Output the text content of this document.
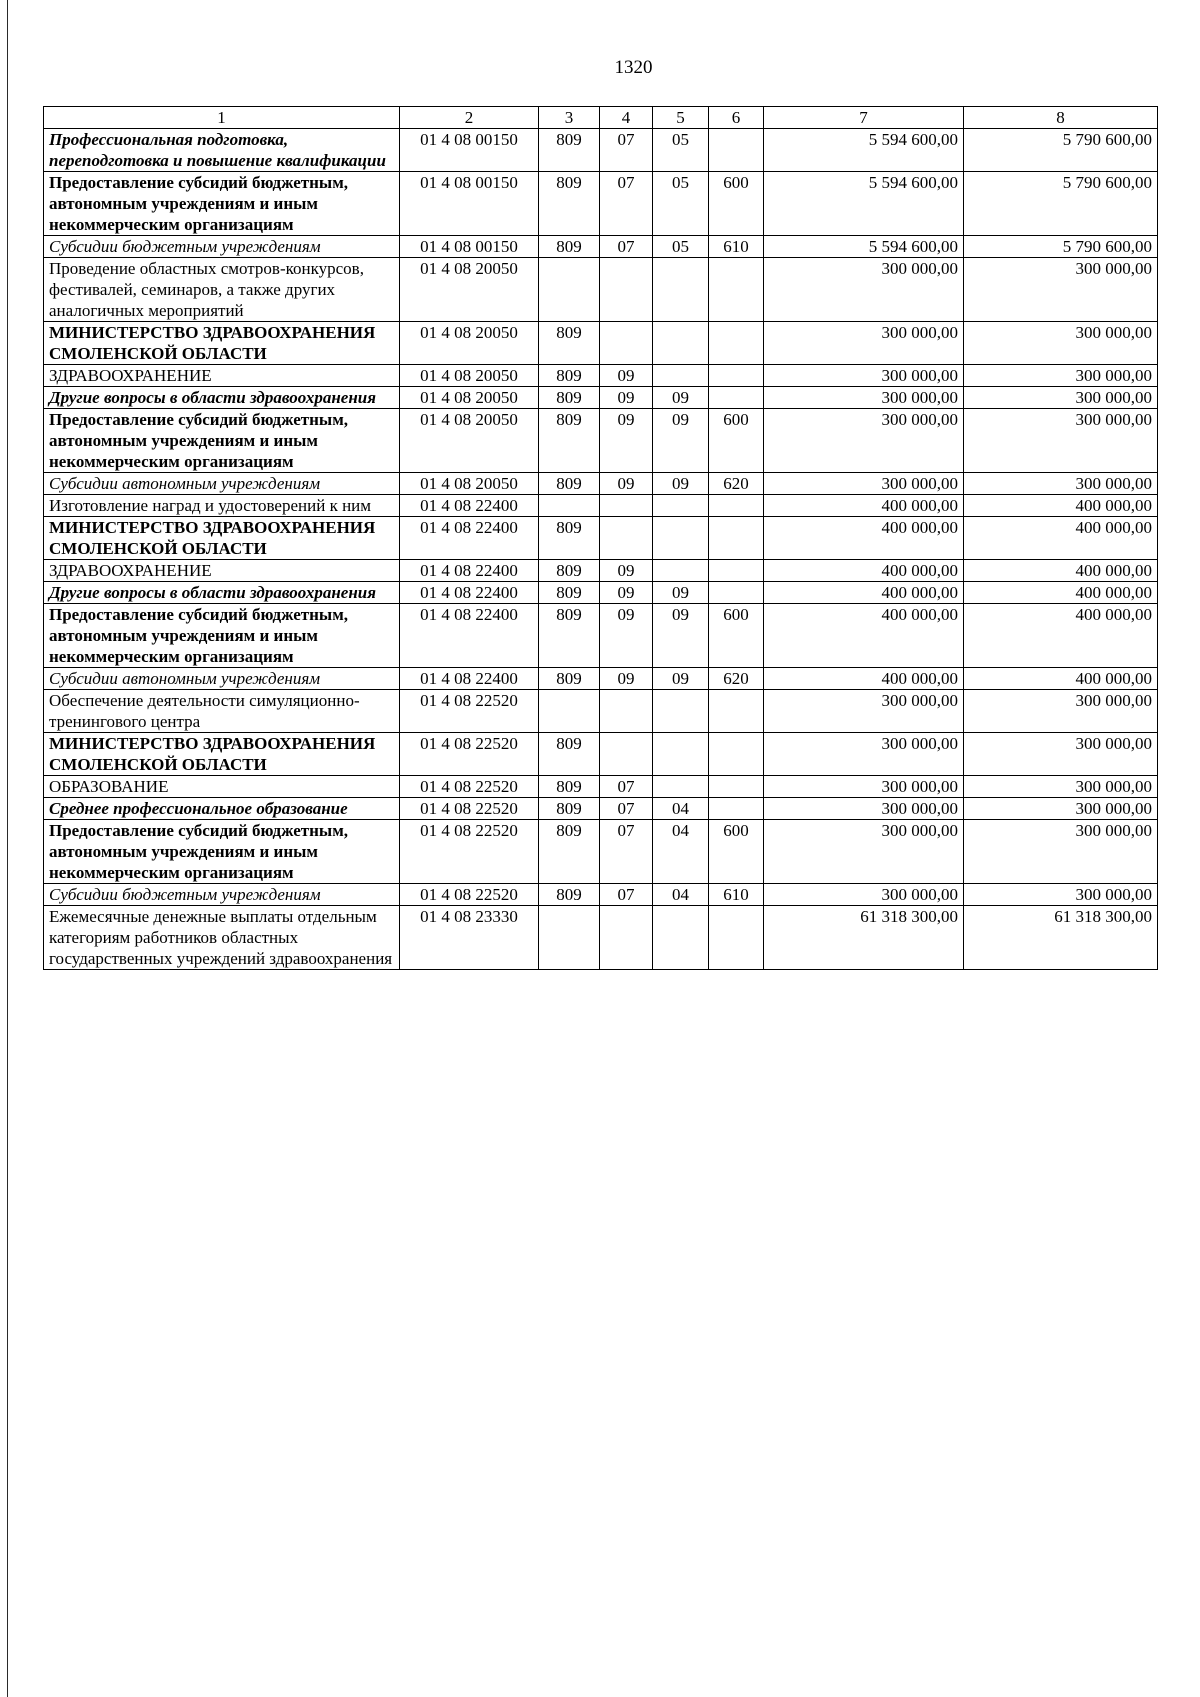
1320
1	2	3	4	5	6	7	8
Профессиональная подготовка, переподготовка и повышение квалификации	01 4 08 00150	809	07	05		5 594 600,00	5 790 600,00
Предоставление субсидий бюджетным, автономным учреждениям и иным некоммерческим организациям	01 4 08 00150	809	07	05	600	5 594 600,00	5 790 600,00
Субсидии бюджетным учреждениям	01 4 08 00150	809	07	05	610	5 594 600,00	5 790 600,00
Проведение областных смотров-конкурсов, фестивалей, семинаров, а также других аналогичных мероприятий	01 4 08 20050					300 000,00	300 000,00
МИНИСТЕРСТВО ЗДРАВООХРАНЕНИЯ СМОЛЕНСКОЙ ОБЛАСТИ	01 4 08 20050	809				300 000,00	300 000,00
ЗДРАВООХРАНЕНИЕ	01 4 08 20050	809	09			300 000,00	300 000,00
Другие вопросы в области здравоохранения	01 4 08 20050	809	09	09		300 000,00	300 000,00
Предоставление субсидий бюджетным, автономным учреждениям и иным некоммерческим организациям	01 4 08 20050	809	09	09	600	300 000,00	300 000,00
Субсидии автономным учреждениям	01 4 08 20050	809	09	09	620	300 000,00	300 000,00
Изготовление наград и удостоверений к ним	01 4 08 22400					400 000,00	400 000,00
МИНИСТЕРСТВО ЗДРАВООХРАНЕНИЯ СМОЛЕНСКОЙ ОБЛАСТИ	01 4 08 22400	809				400 000,00	400 000,00
ЗДРАВООХРАНЕНИЕ	01 4 08 22400	809	09			400 000,00	400 000,00
Другие вопросы в области здравоохранения	01 4 08 22400	809	09	09		400 000,00	400 000,00
Предоставление субсидий бюджетным, автономным учреждениям и иным некоммерческим организациям	01 4 08 22400	809	09	09	600	400 000,00	400 000,00
Субсидии автономным учреждениям	01 4 08 22400	809	09	09	620	400 000,00	400 000,00
Обеспечение деятельности симуляционно-тренингового центра	01 4 08 22520					300 000,00	300 000,00
МИНИСТЕРСТВО ЗДРАВООХРАНЕНИЯ СМОЛЕНСКОЙ ОБЛАСТИ	01 4 08 22520	809				300 000,00	300 000,00
ОБРАЗОВАНИЕ	01 4 08 22520	809	07			300 000,00	300 000,00
Среднее профессиональное образование	01 4 08 22520	809	07	04		300 000,00	300 000,00
Предоставление субсидий бюджетным, автономным учреждениям и иным некоммерческим организациям	01 4 08 22520	809	07	04	600	300 000,00	300 000,00
Субсидии бюджетным учреждениям	01 4 08 22520	809	07	04	610	300 000,00	300 000,00
Ежемесячные денежные выплаты отдельным категориям работников областных государственных учреждений здравоохранения	01 4 08 23330					61 318 300,00	61 318 300,00
